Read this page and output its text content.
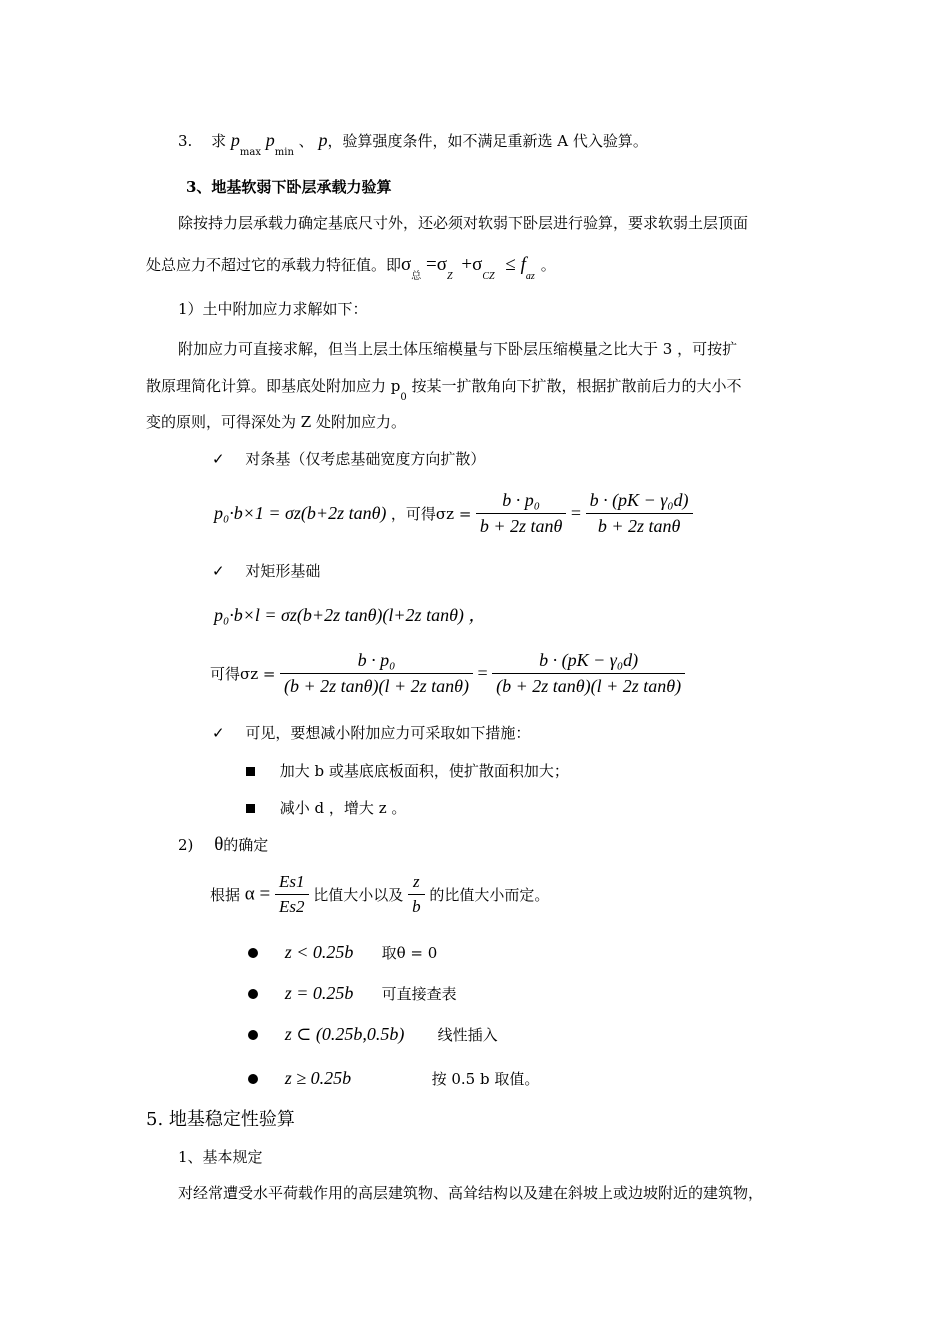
3. 求 $p_{max}$ $p_{min}$ 、 p，验算强度条件，如不满足重新选 A 代入验算。
3、地基软弱下卧层承载力验算
除按持力层承载力确定基底尺寸外，还必须对软弱下卧层进行验算，要求软弱土层顶面
处总应力不超过它的承载力特征值。即$\sigma_总 =\sigma_Z +\sigma_{CZ} \le f_{az}$。
1）土中附加应力求解如下：
附加应力可直接求解，但当上层土体压缩模量与下卧层压缩模量之比大于 3 ，可按扩
散原理简化计算。即基底处附加应力 $p_0$ 按某一扩散角向下扩散，根据扩散前后力的大小不
变的原则，可得深处为 Z 处附加应力。
✓ 对条基（仅考虑基础宽度方向扩散）
p₀·b×1 = σz(b+2z tanθ) ，可得$\sigma z = \frac{\text{b · p₀}}{\text{b + 2z tanθ}} = \frac{\text{b · (pK − γ₀d)}}{\text{b + 2z tanθ}}$
✓ 对矩形基础
p₀·b×l = σz(b+2z tanθ)(l+2z tanθ) ，
可得$\sigma z = \frac{\text{b · p₀}}{\text{(b + 2z tanθ)(l + 2z tanθ)}} = \frac{\text{b · (pK − γ₀d)}}{\text{(b + 2z tanθ)(l + 2z tanθ)}}$
✓ 可见，要想减小附加应力可采取如下措施：
加大 b 或基底底板面积，使扩散面积加大；
减小 d ，增大 z 。
2) θ的确定
根据 $\alpha = \frac{Es1}{Es2}$ 比值大小以及 $\frac{z}{b}$ 的比值大小而定。
z < 0.25b 取θ = 0
z = 0.25b 可直接查表
z ⊂ (0.25b,0.5b) 线性插入
z ≥ 0.25b	按 0.5 b 取值。
5. 地基稳定性验算
1、基本规定
对经常遭受水平荷载作用的高层建筑物、高耸结构以及建在斜坡上或边坡附近的建筑物，
